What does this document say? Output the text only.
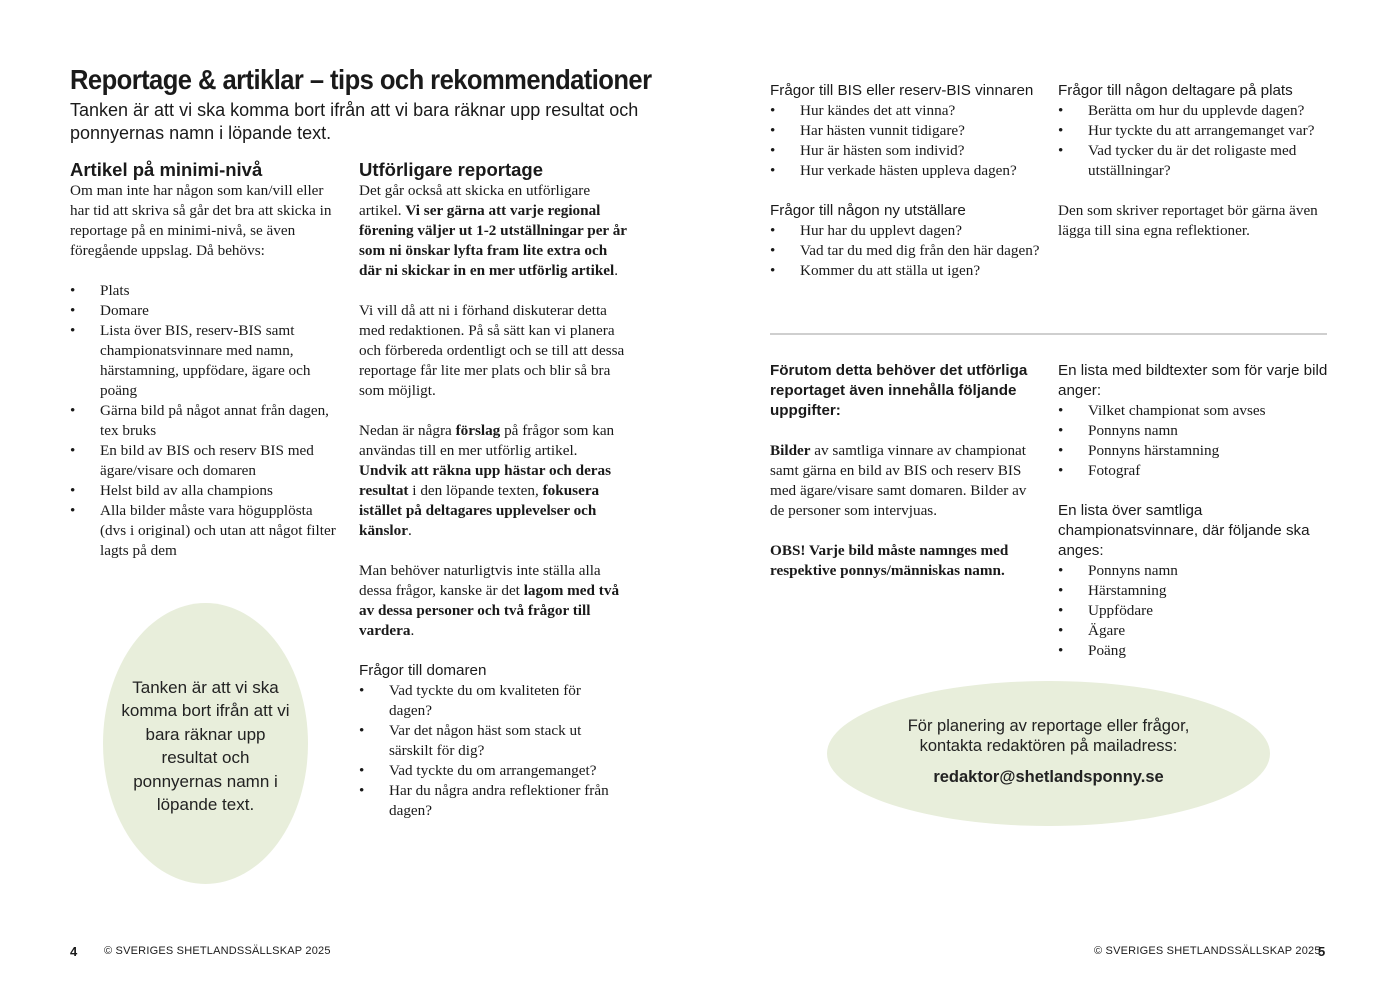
Reportage & artiklar – tips och rekommendationer
Tanken är att vi ska komma bort ifrån att vi bara räknar upp resultat och ponnyernas namn i löpande text.
Artikel på minimi-nivå

Om man inte har någon som kan/vill eller har tid att skriva så går det bra att skicka in reportage på en minimi-nivå, se även föregående uppslag. Då behövs:

• Plats
• Domare
• Lista över BIS, reserv-BIS samt championatsvinnare med namn, härstamning, uppfödare, ägare och poäng
• Gärna bild på något annat från dagen, tex bruks
• En bild av BIS och reserv BIS med ägare/visare och domaren
• Helst bild av alla champions
• Alla bilder måste vara högupplösta (dvs i original) och utan att något filter lagts på dem
Tanken är att vi ska komma bort ifrån att vi bara räknar upp resultat och ponnyernas namn i löpande text.
Utförligare reportage

Det går också att skicka en utförligare artikel. Vi ser gärna att varje regional förening väljer ut 1-2 utställningar per år som ni önskar lyfta fram lite extra och där ni skickar in en mer utförlig artikel.

Vi vill då att ni i förhand diskuterar detta med redaktionen. På så sätt kan vi planera och förbereda ordentligt och se till att dessa reportage får lite mer plats och blir så bra som möjligt.

Nedan är några förslag på frågor som kan användas till en mer utförlig artikel. Undvik att räkna upp hästar och deras resultat i den löpande texten, fokusera istället på deltagares upplevelser och känslor.

Man behöver naturligtvis inte ställa alla dessa frågor, kanske är det lagom med två av dessa personer och två frågor till vardera.

Frågor till domaren
• Vad tyckte du om kvaliteten för dagen?
• Var det någon häst som stack ut särskilt för dig?
• Vad tyckte du om arrangemanget?
• Har du några andra reflektioner från dagen?
4 © SVERIGES SHETLANDSSÄLLSKAP 2025
Frågor till BIS eller reserv-BIS vinnaren
• Hur kändes det att vinna?
• Har hästen vunnit tidigare?
• Hur är hästen som individ?
• Hur verkade hästen uppleva dagen?
Frågor till någon ny utställare
• Hur har du upplevt dagen?
• Vad tar du med dig från den här dagen?
• Kommer du att ställa ut igen?
Frågor till någon deltagare på plats
• Berätta om hur du upplevde dagen?
• Hur tyckte du att arrangemanget var?
• Vad tycker du är det roligaste med utställningar?

Den som skriver reportaget bör gärna även lägga till sina egna reflektioner.

Förutom detta behöver det utförliga reportaget även innehålla följande uppgifter:

Bilder av samtliga vinnare av championat samt gärna en bild av BIS och reserv BIS med ägare/visare samt domaren. Bilder av de personer som intervjuas.

OBS! Varje bild måste namnges med respektive ponnys/människas namn.

En lista med bildtexter som för varje bild anger:
• Vilket championat som avses
• Ponnyns namn
• Ponnyns härstamning
• Fotograf
En lista över samtliga championatsvinnare, där följande ska anges:
• Ponnyns namn
• Härstamning
• Uppfödare
• Ägare
• Poäng
För planering av reportage eller frågor, kontakta redaktören på mailadress:
redaktor@shetlandsponny.se
© SVERIGES SHETLANDSSÄLLSKAP 2025
5
